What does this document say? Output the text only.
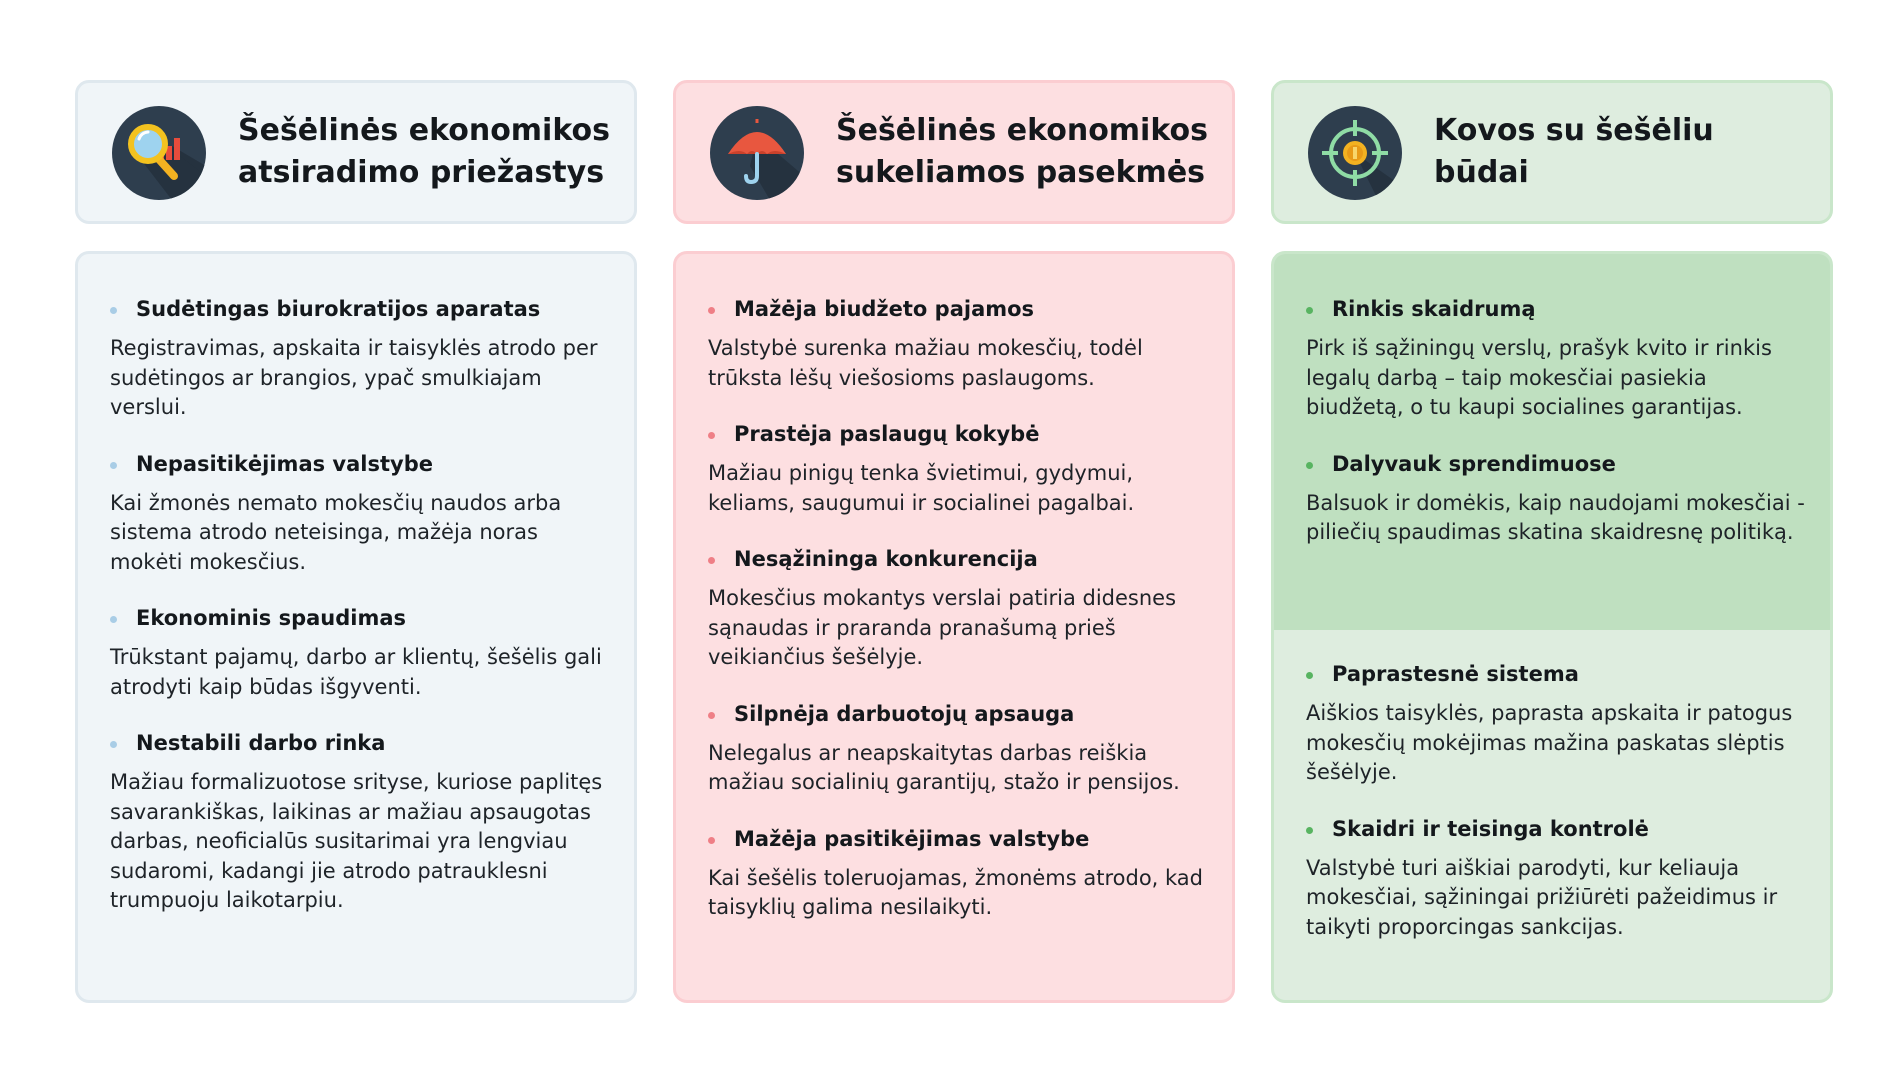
Šešėlinės ekonomikos atsiradimo priežastys
Sudėtingas biurokratijos aparatas
Registravimas, apskaita ir taisyklės atrodo per sudėtingos ar brangios, ypač smulkiajam verslui.
Nepasitikėjimas valstybe
Kai žmonės nemato mokesčių naudos arba sistema atrodo neteisinga, mažėja noras mokėti mokesčius.
Ekonominis spaudimas
Trūkstant pajamų, darbo ar klientų, šešėlis gali atrodyti kaip būdas išgyventi.
Nestabili darbo rinka
Mažiau formalizuotose srityse, kuriose paplitęs savarankiškas, laikinas ar mažiau apsaugotas darbas, neoficialūs susitarimai yra lengviau sudaromi, kadangi jie atrodo patrauklesni trumpuoju laikotarpiu.
Šešėlinės ekonomikos sukeliamos pasekmės
Mažėja biudžeto pajamos
Valstybė surenka mažiau mokesčių, todėl trūksta lėšų viešosioms paslaugoms.
Prastėja paslaugų kokybė
Mažiau pinigų tenka švietimui, gydymui, keliams, saugumui ir socialinei pagalbai.
Nesąžininga konkurencija
Mokesčius mokantys verslai patiria didesnes sąnaudas ir praranda pranašumą prieš veikiančius šešėlyje.
Silpnėja darbuotojų apsauga
Nelegalus ar neapskaitytas darbas reiškia mažiau socialinių garantijų, stažo ir pensijos.
Mažėja pasitikėjimas valstybe
Kai šešėlis toleruojamas, žmonėms atrodo, kad taisyklių galima nesilaikyti.
Kovos su šešėliu būdai
Rinkis skaidrumą
Pirk iš sąžiningų verslų, prašyk kvito ir rinkis legalų darbą – taip mokesčiai pasiekia biudžetą, o tu kaupi socialines garantijas.
Dalyvauk sprendimuose
Balsuok ir domėkis, kaip naudojami mokesčiai - piliečių spaudimas skatina skaidresnę politiką.
Paprastesnė sistema
Aiškios taisyklės, paprasta apskaita ir patogus mokesčių mokėjimas mažina paskatas slėptis šešėlyje.
Skaidri ir teisinga kontrolė
Valstybė turi aiškiai parodyti, kur keliauja mokesčiai, sąžiningai prižiūrėti pažeidimus ir taikyti proporcingas sankcijas.
